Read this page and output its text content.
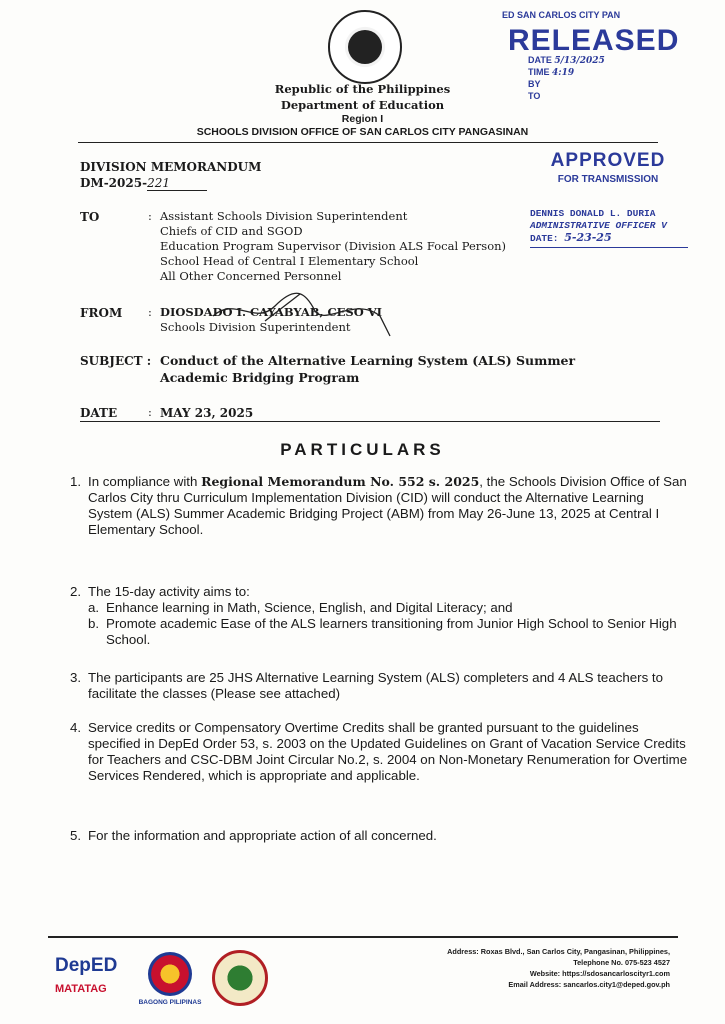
Republic of the Philippines
Department of Education
Region I
SCHOOLS DIVISION OFFICE OF SAN CARLOS CITY PANGASINAN
ED SAN CARLOS CITY PAN
RELEASED
DATE 5/13/2025
TIME 4:19
BY
TO
APPROVED
FOR TRANSMISSION
DENNIS DONALD L. DURIA
ADMINISTRATIVE OFFICER V
DATE: 5-23-25
DIVISION MEMORANDUM
DM-2025-221
TO	: Assistant Schools Division Superintendent
Chiefs of CID and SGOD
Education Program Supervisor (Division ALS Focal Person)
School Head of Central I Elementary School
All Other Concerned Personnel
FROM : DIOSDADO I. CAYABYAB, CESO VI
Schools Division Superintendent
SUBJECT : Conduct of the Alternative Learning System (ALS) Summer
Academic Bridging Program
DATE	: MAY 23, 2025
PARTICULARS
1. In compliance with Regional Memorandum No. 552 s. 2025, the Schools Division Office of San Carlos City thru Curriculum Implementation Division (CID) will conduct the Alternative Learning System (ALS) Summer Academic Bridging Project (ABM) from May 26-June 13, 2025 at Central I Elementary School.
2. The 15-day activity aims to:
a. Enhance learning in Math, Science, English, and Digital Literacy; and
b. Promote academic Ease of the ALS learners transitioning from Junior High School to Senior High School.
3. The participants are 25 JHS Alternative Learning System (ALS) completers and 4 ALS teachers to facilitate the classes (Please see attached)
4. Service credits or Compensatory Overtime Credits shall be granted pursuant to the guidelines specified in DepEd Order 53, s. 2003 on the Updated Guidelines on Grant of Vacation Service Credits for Teachers and CSC-DBM Joint Circular No.2, s. 2004 on Non-Monetary Renumeration for Overtime Services Rendered, which is appropriate and applicable.
5. For the information and appropriate action of all concerned.
DepED
MATATAG
BAGONG PILIPINAS
Address: Roxas Blvd., San Carlos City, Pangasinan, Philippines,
Telephone No. 075-523 4527
Website: https://sdosancarloscityr1.com
Email Address: sancarlos.city1@deped.gov.ph
